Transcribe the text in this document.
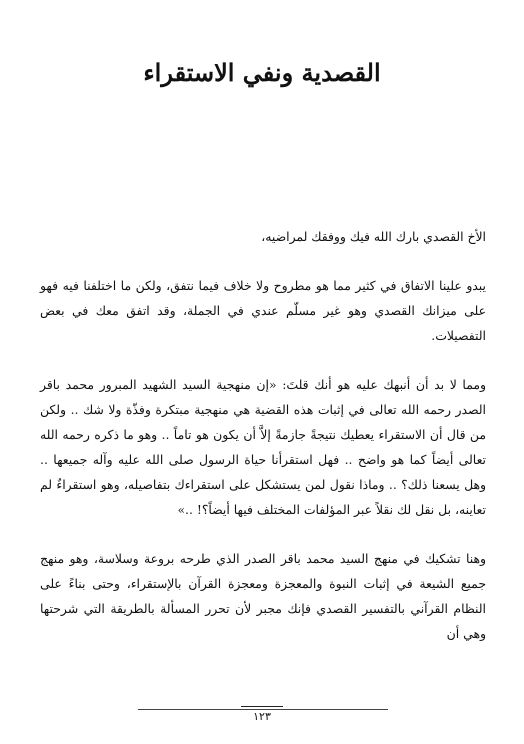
القصدية ونفي الاستقراء

الأخ القصدي بارك الله فيك ووفقك لمراضيه،

يبدو علينا الاتفاق في كثير مما هو مطروح ولا خلاف فيما نتفق، ولكن ما اختلفنا فيه فهو على ميزانك القصدي وهو غير مسلّم عندي في الجملة، وقد اتفق معك في بعض التفصيلات.

ومما لا بد أن أنبهك عليه هو أنك قلتَ: «إن منهجية السيد الشهيد المبرور محمد باقر الصدر رحمه الله تعالى في إثبات هذه القضية هي منهجية مبتكرة وفذّة ولا شك .. ولكن من قال أن الاستقراء يعطيك نتيجةً جازمةً إلاَّ أن يكون هو تاماً .. وهو ما ذكره رحمه الله تعالى أيضاً كما هو واضح .. فهل استقرأنا حياة الرسول صلى الله عليه وآله جميعها .. وهل يسعنا ذلك؟ .. وماذا نقول لمن يستشكل على استقراءك بتفاصيله، وهو استقراءٌ لم تعاينه، بل نقل لك نقلاً عبر المؤلفات المختلف فيها أيضاً؟! ..»

وهنا تشكيك في منهج السيد محمد باقر الصدر الذي طرحه بروعة وسلاسة، وهو منهج جميع الشيعة في إثبات النبوة والمعجزة ومعجزة القرآن بالإستقراء، وحتى بناءً على النظام القرآني بالتفسير القصدي فإنك مجبر لأن تحرر المسألة بالطريقة التي شرحتها وهي أن

١٢٣
